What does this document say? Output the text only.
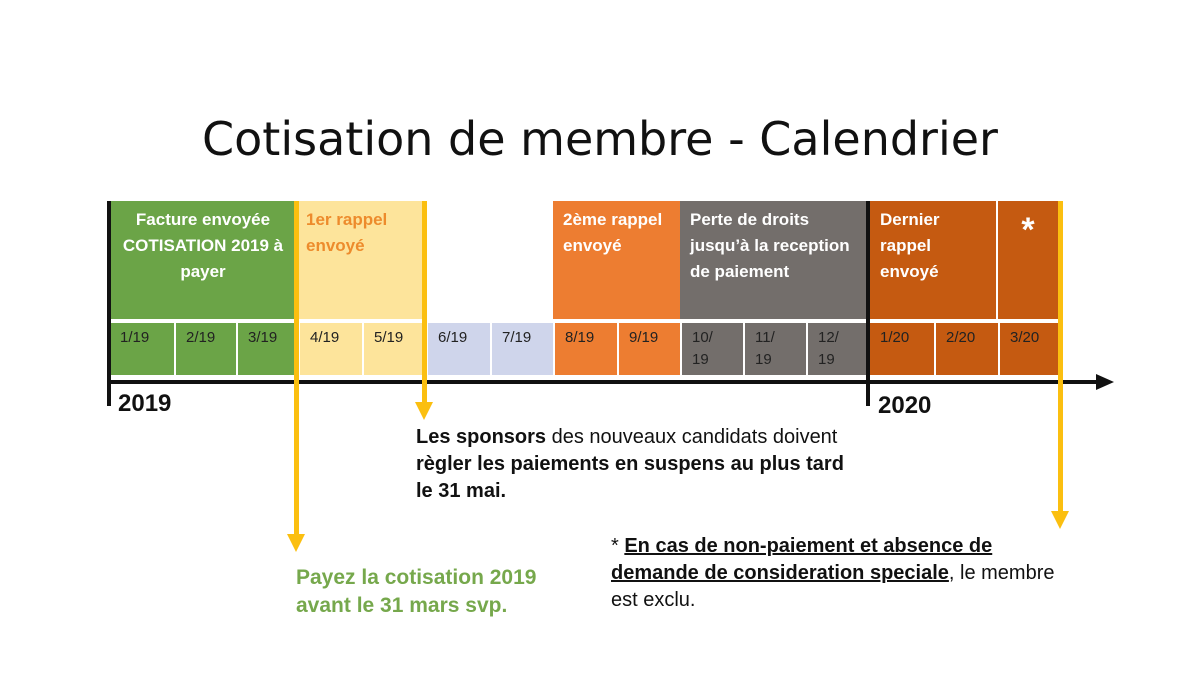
Cotisation de membre - Calendrier
Facture envoyée COTISATION 2019 à payer
1er rappel envoyé
2ème rappel envoyé
Perte de droits jusqu’à la reception de paiement
Dernier rappel envoyé
*
1/19	2/19	3/19	4/19	5/19	6/19	7/19	8/19	9/19	10/ 19
11/ 19
12/ 19
1/20	2/20	3/20
2019	2020
Les sponsors des nouveaux candidats doivent règler les paiements en suspens au plus tard le 31 mai.
* En cas de non-paiement et absence de demande de consideration speciale, le membre est exclu.
Payez la cotisation 2019 avant le 31 mars svp.
